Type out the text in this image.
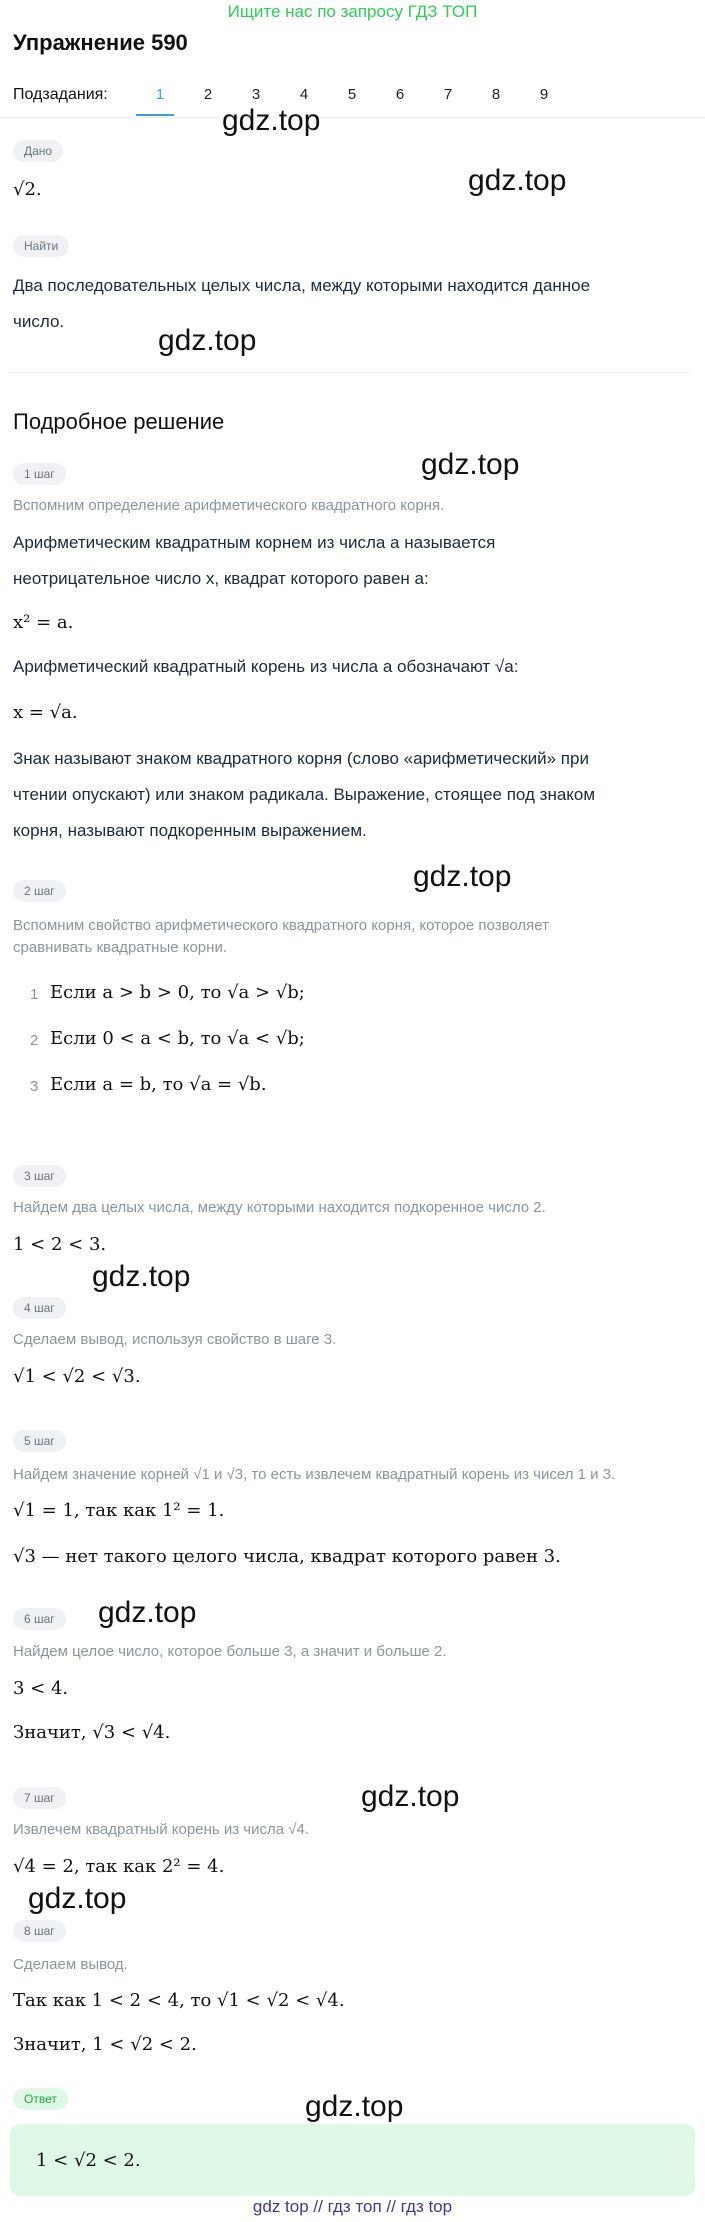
Ищите нас по запросу ГДЗ ТОП
Упражнение 590
Подзадания:	1	2	3	4	5	6	7	8	9
Дано
√2.
Найти
Два последовательных целых числа, между которыми находится данное
число.
Подробное решение
1 шаг
Вспомним определение арифметического квадратного корня.
Арифметическим квадратным корнем из числа a называется
неотрицательное число x, квадрат которого равен a:
x² = a.
Арифметический квадратный корень из числа a обозначают √a:
x = √a.
Знак называют знаком квадратного корня (слово «арифметический» при
чтении опускают) или знаком радикала. Выражение, стоящее под знаком
корня, называют подкоренным выражением.
2 шаг
Вспомним свойство арифметического квадратного корня, которое позволяет
сравнивать квадратные корни.
1 Если a > b > 0, то √a > √b;
2 Если 0 < a < b, то √a < √b;
3 Если a = b, то √a = √b.
3 шаг
Найдем два целых числа, между которыми находится подкоренное число 2.
1 < 2 < 3.
4 шаг
Сделаем вывод, используя свойство в шаге 3.
√1 < √2 < √3.
5 шаг
Найдем значение корней √1 и √3, то есть извлечем квадратный корень из чисел 1 и 3.
√1 = 1, так как 1² = 1.
√3 — нет такого целого числа, квадрат которого равен 3.
6 шаг
Найдем целое число, которое больше 3, а значит и больше 2.
3 < 4.
Значит, √3 < √4.
7 шаг
Извлечем квадратный корень из числа √4.
√4 = 2, так как 2² = 4.
8 шаг
Сделаем вывод.
Так как 1 < 2 < 4, то √1 < √2 < √4.
Значит, 1 < √2 < 2.
Ответ
1 < √2 < 2.
gdz.top
gdz.top
gdz.top
gdz.top
gdz.top
gdz.top
gdz.top
gdz.top
gdz.top
gdz.top
gdz top // гдз топ // гдз top
